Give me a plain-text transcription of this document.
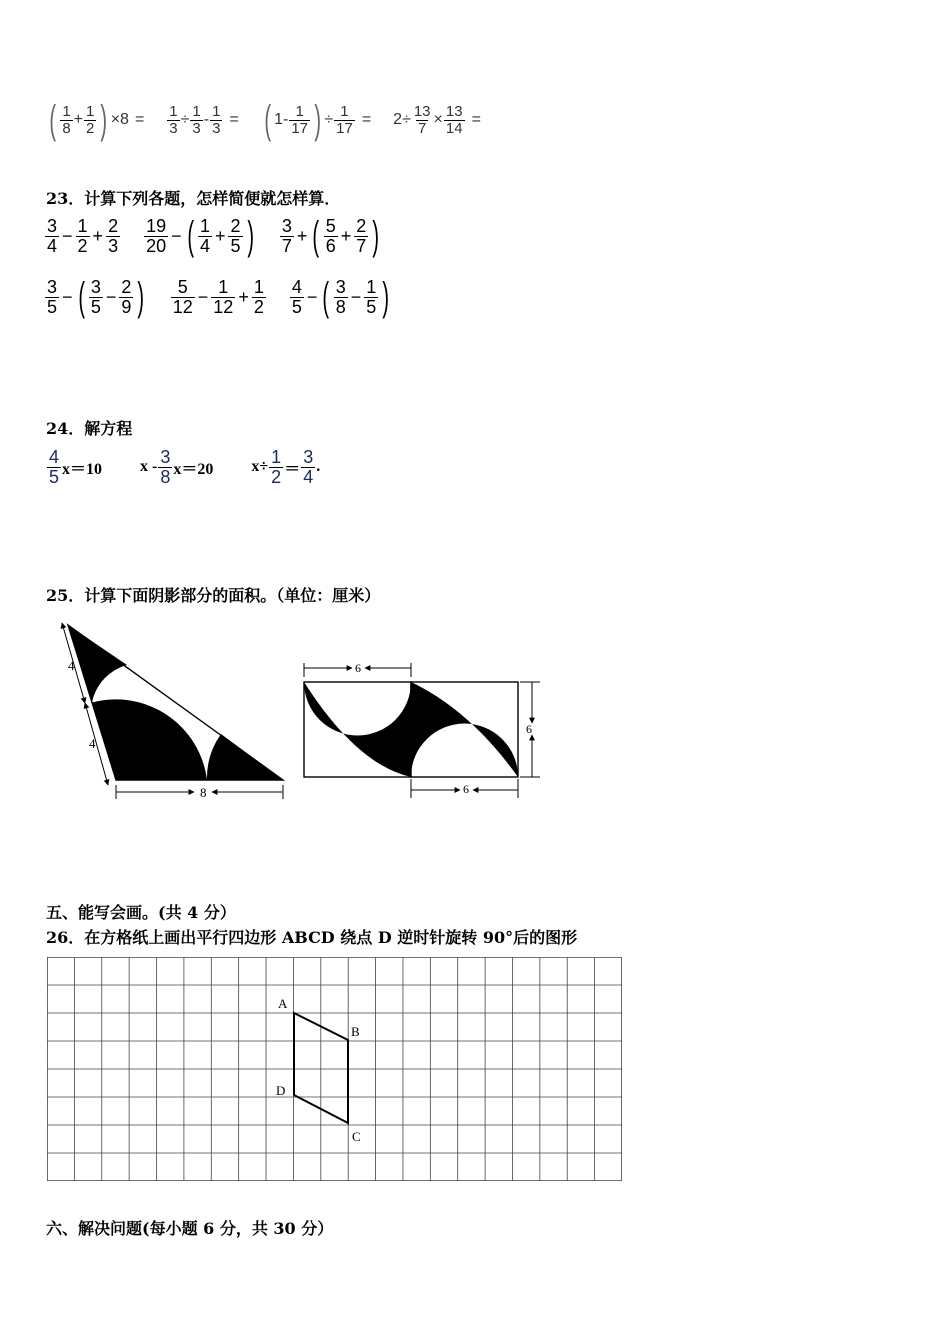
( $\frac{1}{8} + \frac{1}{2}$ ) $\times 8 = \frac{1}{3} \div \frac{1}{3} - \frac{1}{3}$ = ( $1- \frac{1}{17}$ ) ÷ $\frac{1}{17} = 2 \div \frac{13}{7} \times \frac{13}{14}$ =
23．计算下列各题，怎样简便就怎样算．
$\frac{3}{4} - \frac{1}{2} + \frac{2}{3} \frac{19}{20}$ − ( $\frac{1}{4} + \frac{2}{5}$ ) $\frac{3}{7}$ + ( $\frac{5}{6} + \frac{2}{7}$ )
$\frac{3}{5}$ − ( $\frac{3}{5} - \frac{2}{9}$ ) $\frac{5}{12} - \frac{1}{12} + \frac{1}{2} \frac{4}{5}$ − ( $\frac{3}{8} - \frac{1}{5}$ )
24．解方程
$\frac{4}{5} x=10$ $x - \frac{3}{8} x=20$ $x\div \frac{1}{2} = \frac{3}{4}$ .
25．计算下面阴影部分的面积。（单位：厘米）
4
4
8
6
6
6
五、能写会画。(共 4 分）
26．在方格纸上画出平行四边形 ABCD 绕点 D 逆时针旋转 90°后的图形
A
B
C
D
六、解决问题(每小题 6 分，共 30 分）
